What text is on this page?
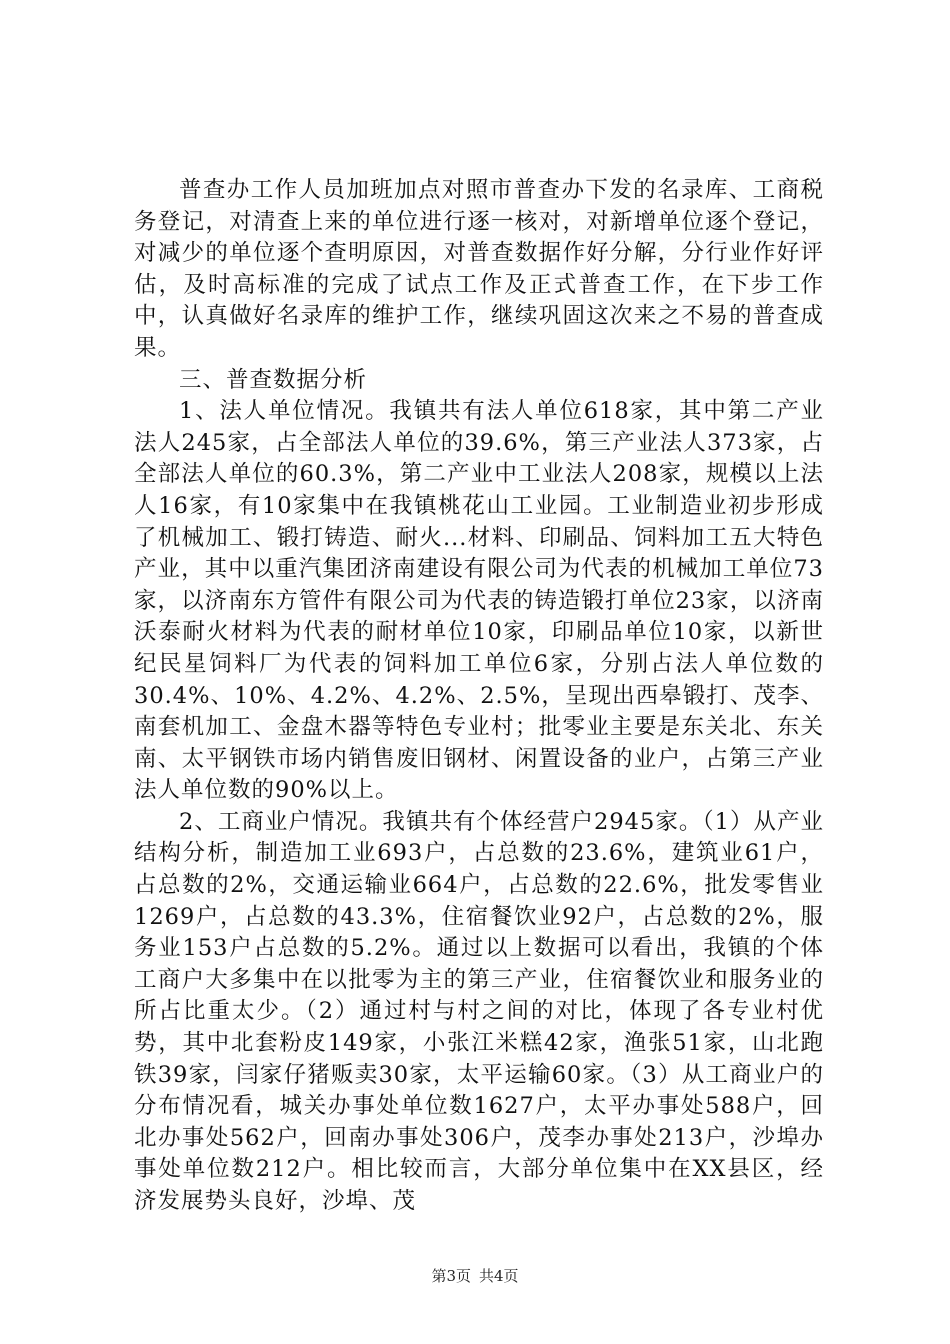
普查办工作人员加班加点对照市普查办下发的名录库、工商税务登记，对清查上来的单位进行逐一核对，对新增单位逐个登记，对减少的单位逐个查明原因，对普查数据作好分解，分行业作好评估，及时高标准的完成了试点工作及正式普查工作，在下步工作中，认真做好名录库的维护工作，继续巩固这次来之不易的普查成果。

三、普查数据分析

1、法人单位情况。我镇共有法人单位618家，其中第二产业法人245家，占全部法人单位的39.6%，第三产业法人373家，占全部法人单位的60.3%，第二产业中工业法人208家，规模以上法人16家，有10家集中在我镇桃花山工业园。工业制造业初步形成了机械加工、锻打铸造、耐火...材料、印刷品、饲料加工五大特色产业，其中以重汽集团济南建设有限公司为代表的机械加工单位73家，以济南东方管件有限公司为代表的铸造锻打单位23家，以济南沃泰耐火材料为代表的耐材单位10家，印刷品单位10家，以新世纪民星饲料厂为代表的饲料加工单位6家，分别占法人单位数的30.4%、10%、4.2%、4.2%、2.5%，呈现出西皋锻打、茂李、南套机加工、金盘木器等特色专业村；批零业主要是东关北、东关南、太平钢铁市场内销售废旧钢材、闲置设备的业户，占第三产业法人单位数的90%以上。

2、工商业户情况。我镇共有个体经营户2945家。（1）从产业结构分析，制造加工业693户，占总数的23.6%，建筑业61户，占总数的2%，交通运输业664户，占总数的22.6%，批发零售业1269户，占总数的43.3%，住宿餐饮业92户，占总数的2%，服务业153户占总数的5.2%。通过以上数据可以看出，我镇的个体工商户大多集中在以批零为主的第三产业，住宿餐饮业和服务业的所占比重太少。（2）通过村与村之间的对比，体现了各专业村优势，其中北套粉皮149家，小张江米糕42家，渔张51家，山北跑铁39家，闫家仔猪贩卖30家，太平运输60家。（3）从工商业户的分布情况看，城关办事处单位数1627户，太平办事处588户，回北办事处562户，回南办事处306户，茂李办事处213户，沙埠办事处单位数212户。相比较而言，大部分单位集中在XX县区，经济发展势头良好，沙埠、茂

第3页 共4页
